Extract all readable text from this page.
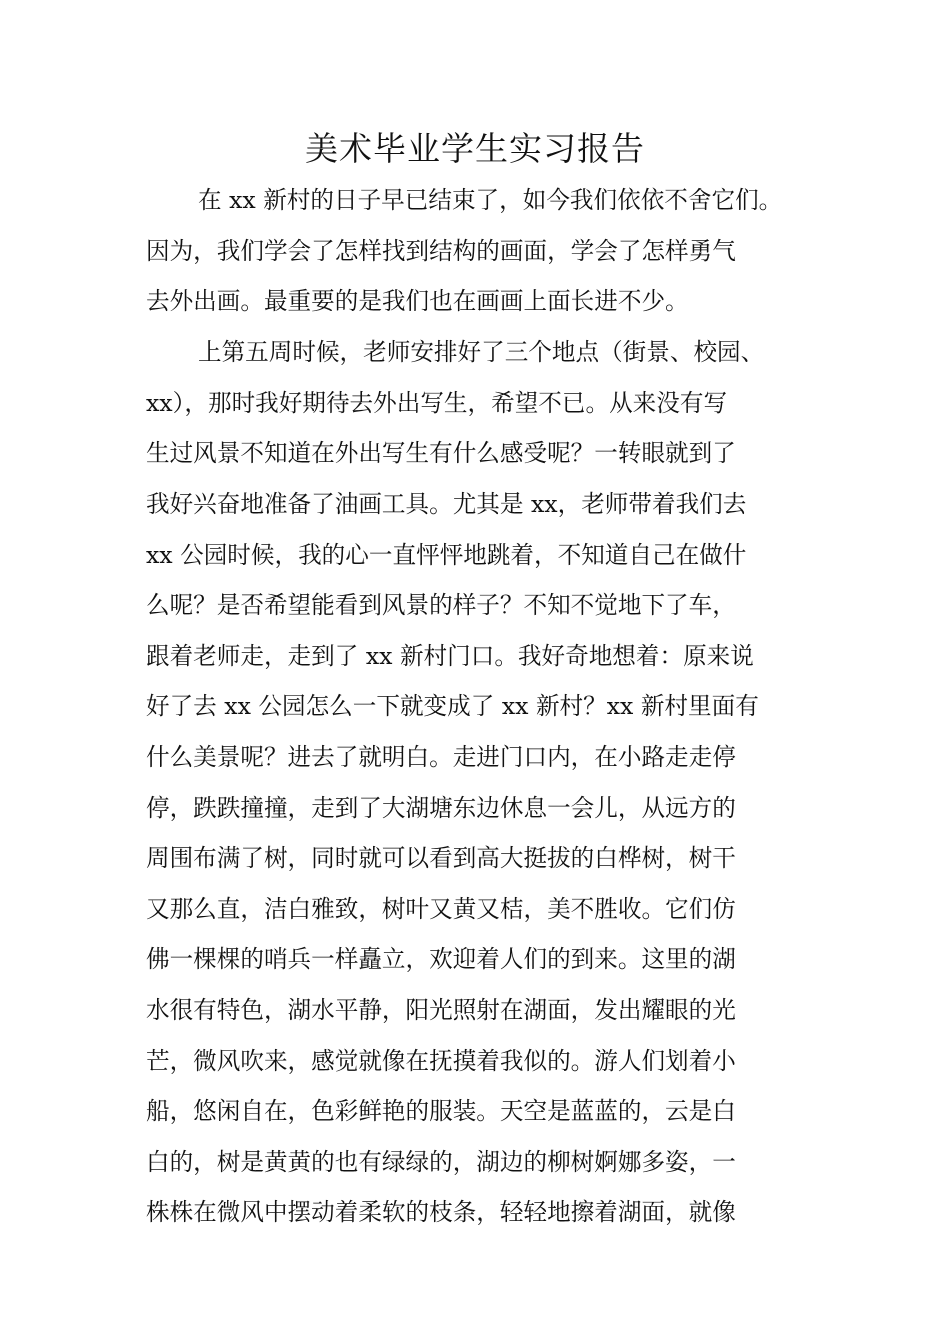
美术毕业学生实习报告
在 xx 新村的日子早已结束了，如今我们依依不舍它们。
因为，我们学会了怎样找到结构的画面，学会了怎样勇气
去外出画。最重要的是我们也在画画上面长进不少。
上第五周时候，老师安排好了三个地点（街景、校园、
xx），那时我好期待去外出写生，希望不已。从来没有写
生过风景不知道在外出写生有什么感受呢？一转眼就到了
我好兴奋地准备了油画工具。尤其是 xx，老师带着我们去
xx 公园时候，我的心一直怦怦地跳着，不知道自己在做什
么呢？是否希望能看到风景的样子？不知不觉地下了车，
跟着老师走，走到了 xx 新村门口。我好奇地想着：原来说
好了去 xx 公园怎么一下就变成了 xx 新村？xx 新村里面有
什么美景呢？进去了就明白。走进门口内，在小路走走停
停，跌跌撞撞，走到了大湖塘东边休息一会儿，从远方的
周围布满了树，同时就可以看到高大挺拔的白桦树，树干
又那么直，洁白雅致，树叶又黄又桔，美不胜收。它们仿
佛一棵棵的哨兵一样矗立，欢迎着人们的到来。这里的湖
水很有特色，湖水平静，阳光照射在湖面，发出耀眼的光
芒，微风吹来，感觉就像在抚摸着我似的。游人们划着小
船，悠闲自在，色彩鲜艳的服装。天空是蓝蓝的，云是白
白的，树是黄黄的也有绿绿的，湖边的柳树婀娜多姿，一
株株在微风中摆动着柔软的枝条，轻轻地擦着湖面，就像
